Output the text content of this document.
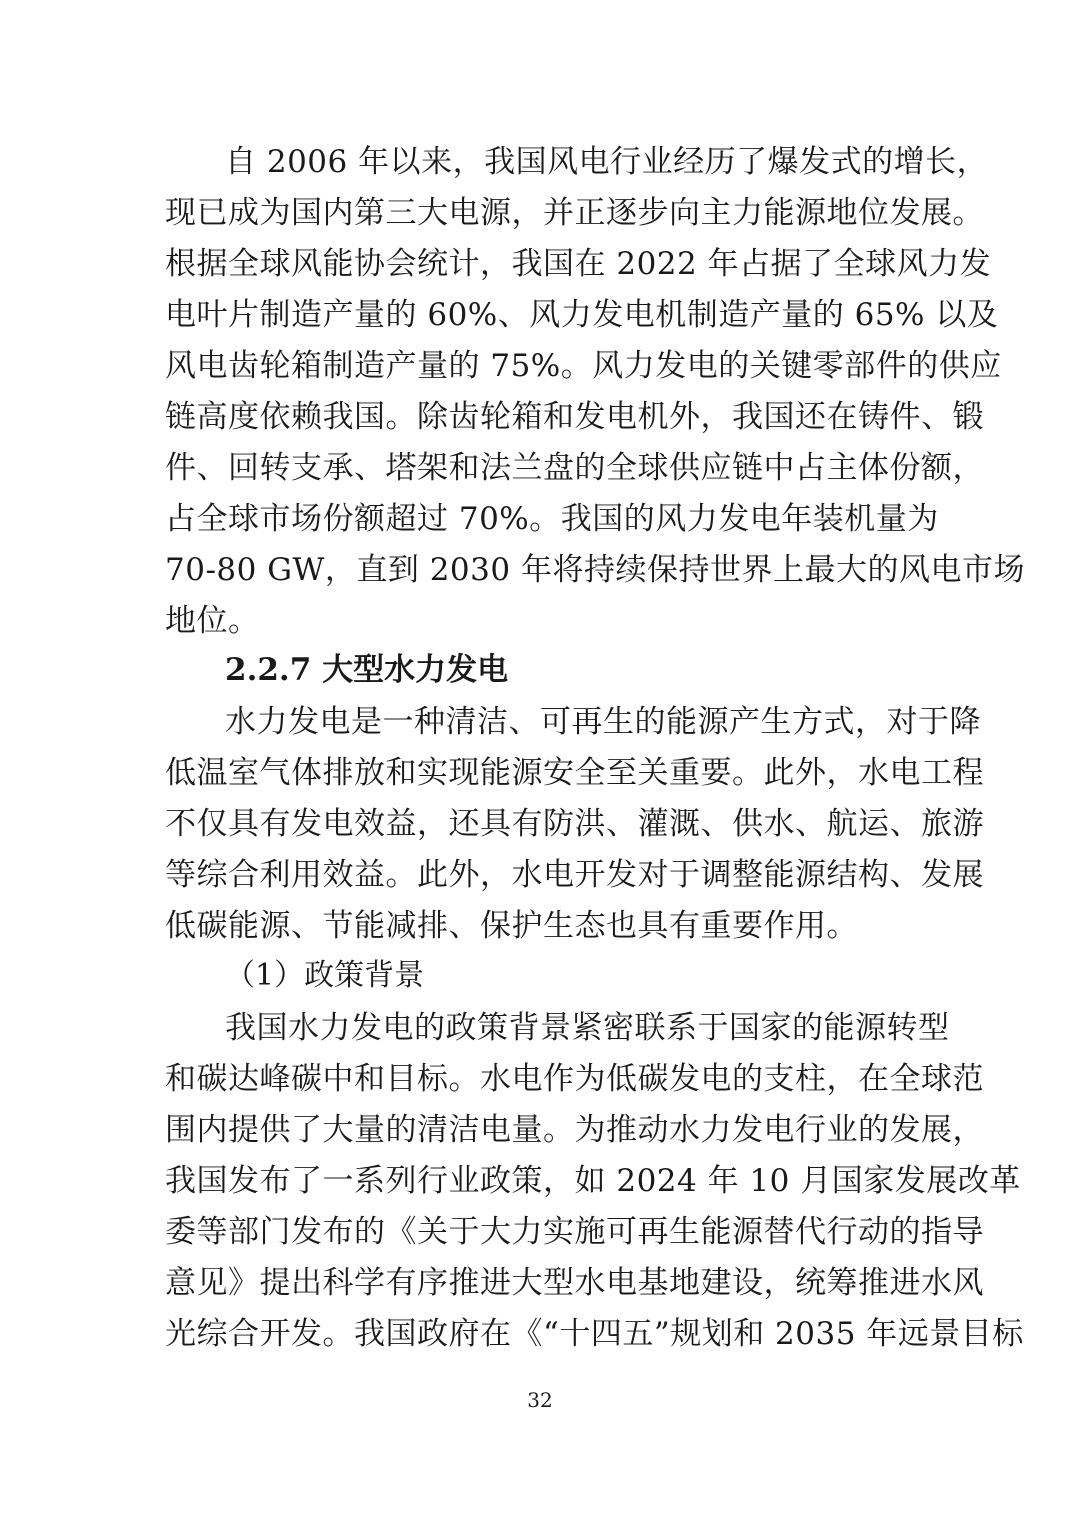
自 2006 年以来，我国风电行业经历了爆发式的增长，
现已成为国内第三大电源，并正逐步向主力能源地位发展。
根据全球风能协会统计，我国在 2022 年占据了全球风力发
电叶片制造产量的 60%、风力发电机制造产量的 65% 以及
风电齿轮箱制造产量的 75%。风力发电的关键零部件的供应
链高度依赖我国。除齿轮箱和发电机外，我国还在铸件、锻
件、回转支承、塔架和法兰盘的全球供应链中占主体份额，
占全球市场份额超过 70%。我国的风力发电年装机量为
70-80 GW，直到 2030 年将持续保持世界上最大的风电市场
地位。
2.2.7 大型水力发电
水力发电是一种清洁、可再生的能源产生方式，对于降
低温室气体排放和实现能源安全至关重要。此外，水电工程
不仅具有发电效益，还具有防洪、灌溉、供水、航运、旅游
等综合利用效益。此外，水电开发对于调整能源结构、发展
低碳能源、节能减排、保护生态也具有重要作用。
（1）政策背景
我国水力发电的政策背景紧密联系于国家的能源转型
和碳达峰碳中和目标。水电作为低碳发电的支柱，在全球范
围内提供了大量的清洁电量。为推动水力发电行业的发展，
我国发布了一系列行业政策，如 2024 年 10 月国家发展改革
委等部门发布的《关于大力实施可再生能源替代行动的指导
意见》提出科学有序推进大型水电基地建设，统筹推进水风
光综合开发。我国政府在《“十四五”规划和 2035 年远景目标
32
